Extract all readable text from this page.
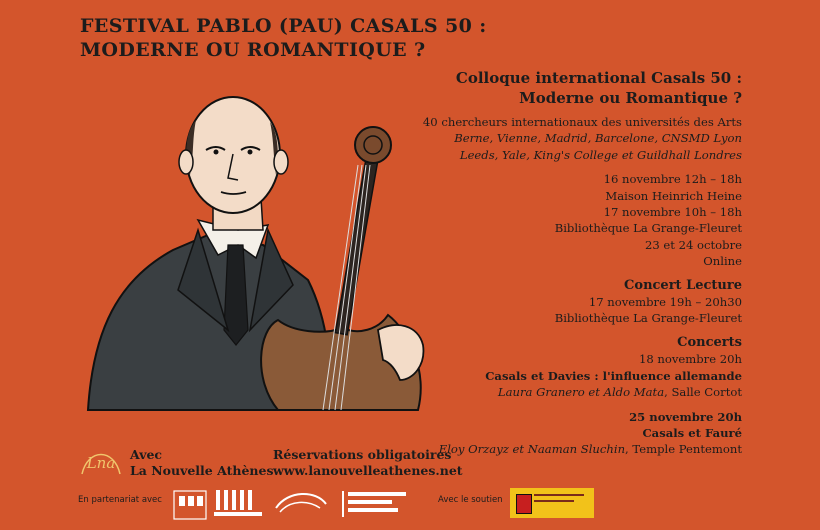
FESTIVAL PABLO (PAU) CASALS 50 :
MODERNE OU ROMANTIQUE ?
Colloque international Casals 50 :
Moderne ou Romantique ?
40 chercheurs internationaux des universités des Arts
Berne, Vienne, Madrid, Barcelone, CNSMD Lyon
Leeds, Yale, King's College et Guildhall Londres
16 novembre 12h – 18h
Maison Heinrich Heine
17 novembre 10h – 18h
Bibliothèque La Grange-Fleuret
23 et 24 octobre
Online
Concert Lecture
17 novembre 19h – 20h30
Bibliothèque La Grange-Fleuret
Concerts
18 novembre 20h
Casals et Davies : l'influence allemande
Laura Granero et Aldo Mata, Salle Cortot
25 novembre 20h
Casals et Fauré
Eloy Orzayz et Naaman Sluchin, Temple Pentemont
Lna Avec
La Nouvelle Athènes
Réservations obligatoires
www.lanouvelleathenes.net
En partenariat avec	Avec le soutien
